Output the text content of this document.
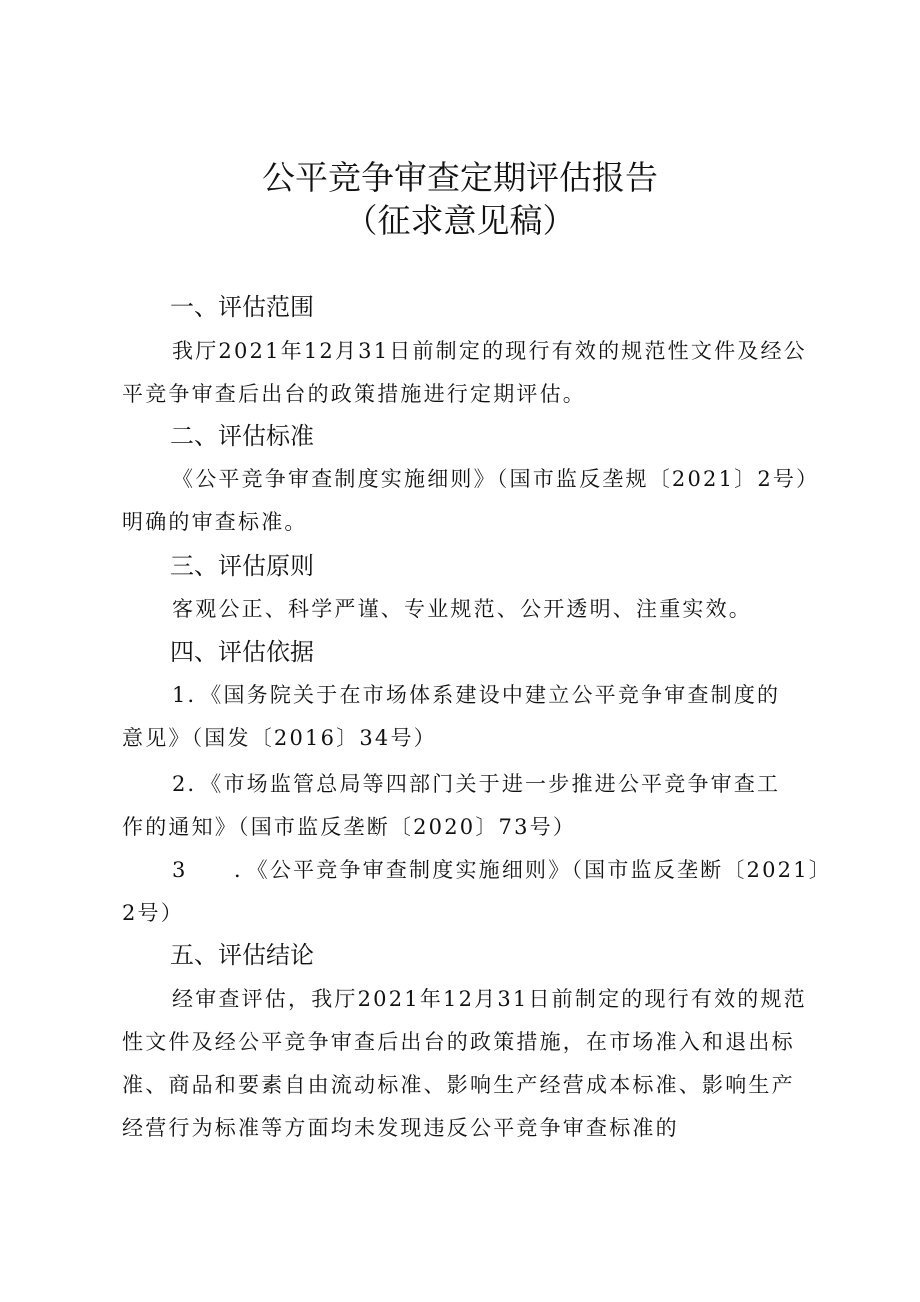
公平竞争审查定期评估报告
（征求意见稿）
一、评估范围

我厅2021年12月31日前制定的现行有效的规范性文件及经公
平竞争审查后出台的政策措施进行定期评估。

二、评估标准

《公平竞争审查制度实施细则》（国市监反垄规〔2021〕2号）
明确的审查标准。

三、评估原则

客观公正、科学严谨、专业规范、公开透明、注重实效。

四、评估依据

1．《国务院关于在市场体系建设中建立公平竞争审查制度的
意见》（国发〔2016〕34号）

2．《市场监管总局等四部门关于进一步推进公平竞争审查工
作的通知》（国市监反垄断〔2020〕73号）

3　　．《公平竞争审查制度实施细则》（国市监反垄断〔2021〕
2号）

五、评估结论

经审查评估，我厅2021年12月31日前制定的现行有效的规范
性文件及经公平竞争审查后出台的政策措施，在市场准入和退出标
准、商品和要素自由流动标准、影响生产经营成本标准、影响生产
经营行为标准等方面均未发现违反公平竞争审查标准的
